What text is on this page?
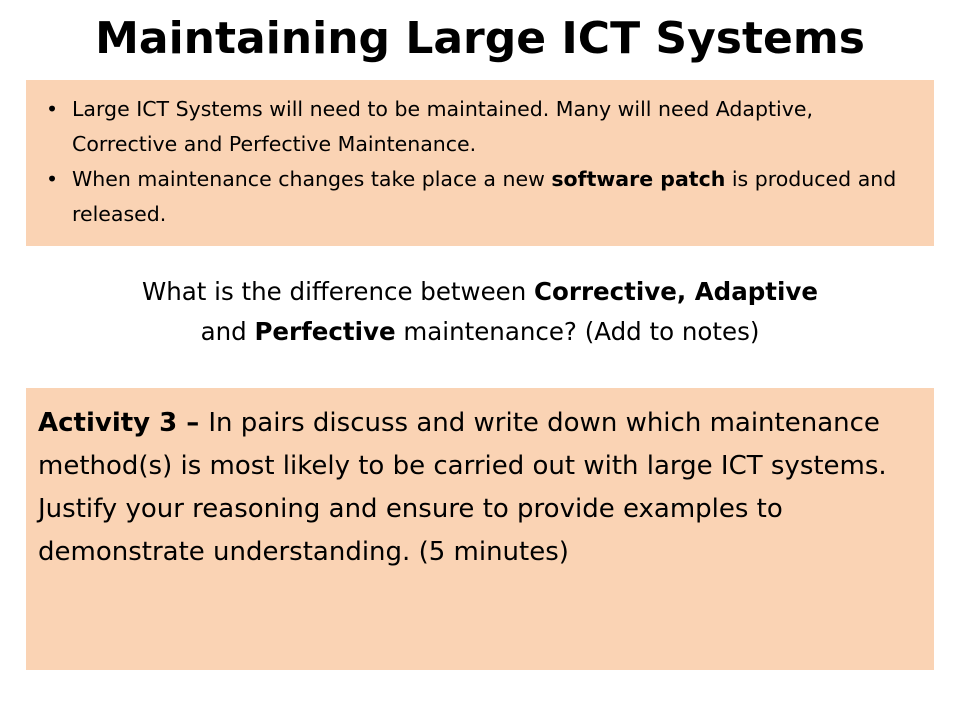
Maintaining Large ICT Systems
• Large ICT Systems will need to be maintained. Many will need Adaptive, Corrective and Perfective Maintenance.
• When maintenance changes take place a new software patch is produced and released.

What is the difference between Corrective, Adaptive
and Perfective maintenance? (Add to notes)

Activity 3 – In pairs discuss and write down which maintenance method(s) is most likely to be carried out with large ICT systems. Justify your reasoning and ensure to provide examples to demonstrate understanding. (5 minutes)
